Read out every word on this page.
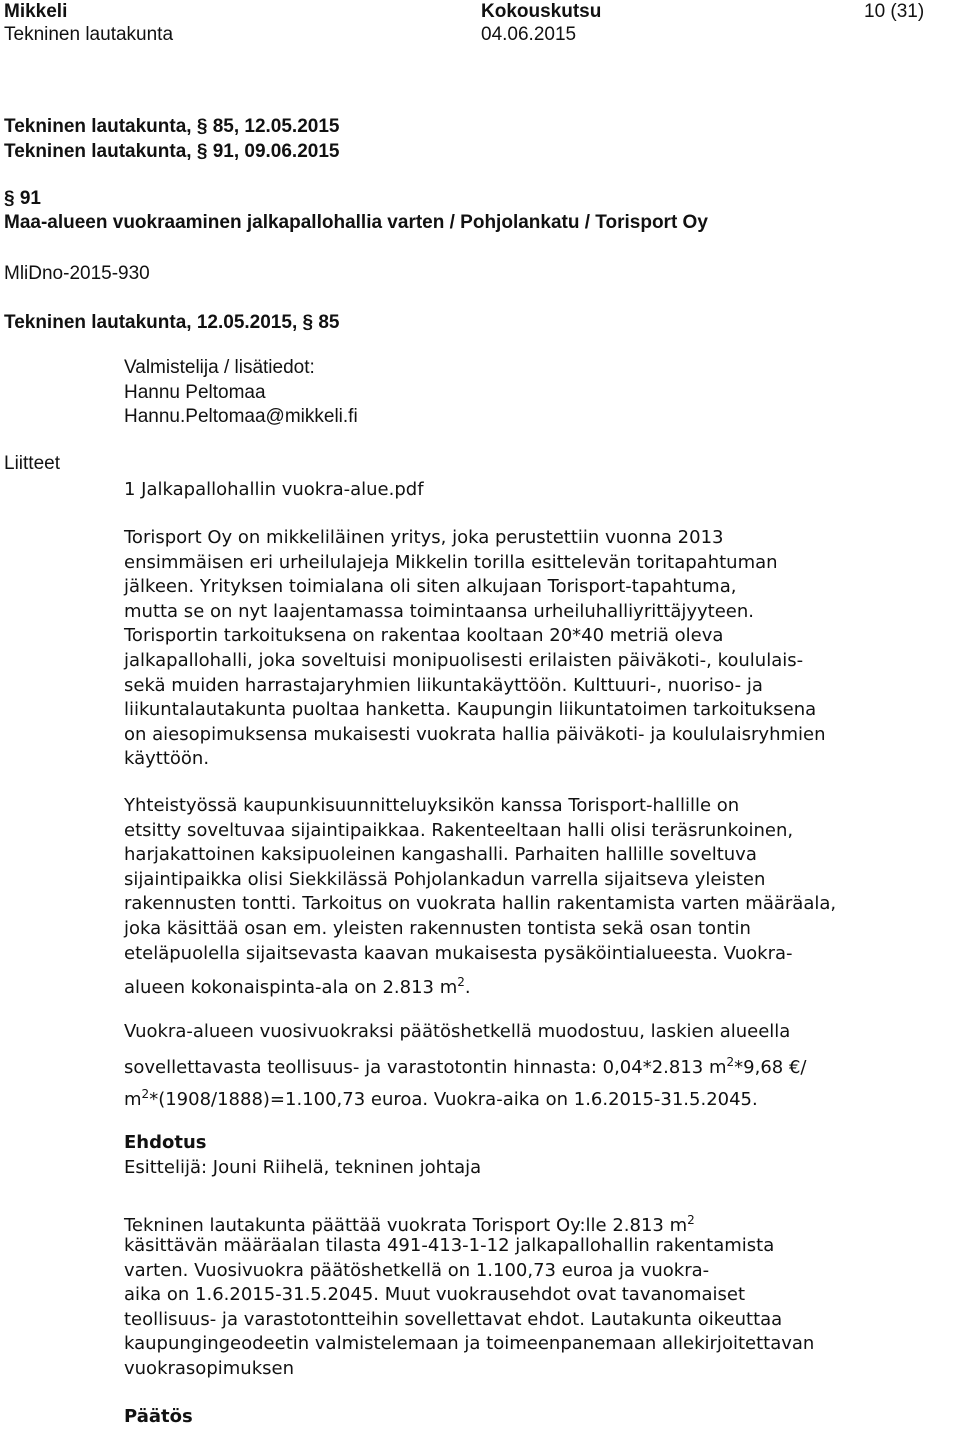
Mikkeli	Kokouskutsu	10 (31)
Tekninen lautakunta	04.06.2015
Tekninen lautakunta, § 85, 12.05.2015
Tekninen lautakunta, § 91, 09.06.2015
§ 91
Maa-alueen vuokraaminen jalkapallohallia varten / Pohjolankatu / Torisport Oy
MliDno-2015-930
Tekninen lautakunta, 12.05.2015, § 85
Valmistelija / lisätiedot:
Hannu Peltomaa
Hannu.Peltomaa@mikkeli.fi
Liitteet
1 Jalkapallohallin vuokra-alue.pdf
Torisport Oy on mikkeliläinen yritys, joka perustettiin vuonna 2013
ensimmäisen eri urheilulajeja Mikkelin torilla esittelevän toritapahtuman
jälkeen. Yrityksen toimialana oli siten alkujaan Torisport-tapahtuma,
mutta se on nyt laajentamassa toimintaansa urheiluhalliyrittäjyyteen.
Torisportin tarkoituksena on rakentaa kooltaan 20*40 metriä oleva
jalkapallohalli, joka soveltuisi monipuolisesti erilaisten päiväkoti-, koululais-
sekä muiden harrastajaryhmien liikuntakäyttöön. Kulttuuri-, nuoriso- ja
liikuntalautakunta puoltaa hanketta. Kaupungin liikuntatoimen tarkoituksena
on aiesopimuksensa mukaisesti vuokrata hallia päiväkoti- ja koululaisryhmien
käyttöön.
Yhteistyössä kaupunkisuunnitteluyksikön kanssa Torisport-hallille on
etsitty soveltuvaa sijaintipaikkaa. Rakenteeltaan halli olisi teräsrunkoinen,
harjakattoinen kaksipuoleinen kangashalli. Parhaiten hallille soveltuva
sijaintipaikka olisi Siekkilässä Pohjolankadun varrella sijaitseva yleisten
rakennusten tontti. Tarkoitus on vuokrata hallin rakentamista varten määräala,
joka käsittää osan em. yleisten rakennusten tontista sekä osan tontin
eteläpuolella sijaitsevasta kaavan mukaisesta pysäköintialueesta. Vuokra-
alueen kokonaispinta-ala on 2.813 $m^2$.
Vuokra-alueen vuosivuokraksi päätöshetkellä muodostuu, laskien alueella
sovellettavasta teollisuus- ja varastotontin hinnasta: 0,04*2.813 $m^2*9,68$ €/
$m^2*(1908/1888)=1.100,73$ euroa. Vuokra-aika on 1.6.2015-31.5.2045.
Ehdotus
Esittelijä: Jouni Riihelä, tekninen johtaja
Tekninen lautakunta päättää vuokrata Torisport Oy:lle 2.813 $m^2$
käsittävän määräalan tilasta 491-413-1-12 jalkapallohallin rakentamista
varten. Vuosivuokra päätöshetkellä on 1.100,73 euroa ja vuokra-
aika on 1.6.2015-31.5.2045. Muut vuokrausehdot ovat tavanomaiset
teollisuus- ja varastotontteihin sovellettavat ehdot. Lautakunta oikeuttaa
kaupungingeodeetin valmistelemaan ja toimeenpanemaan allekirjoitettavan
vuokrasopimuksen
Päätös
